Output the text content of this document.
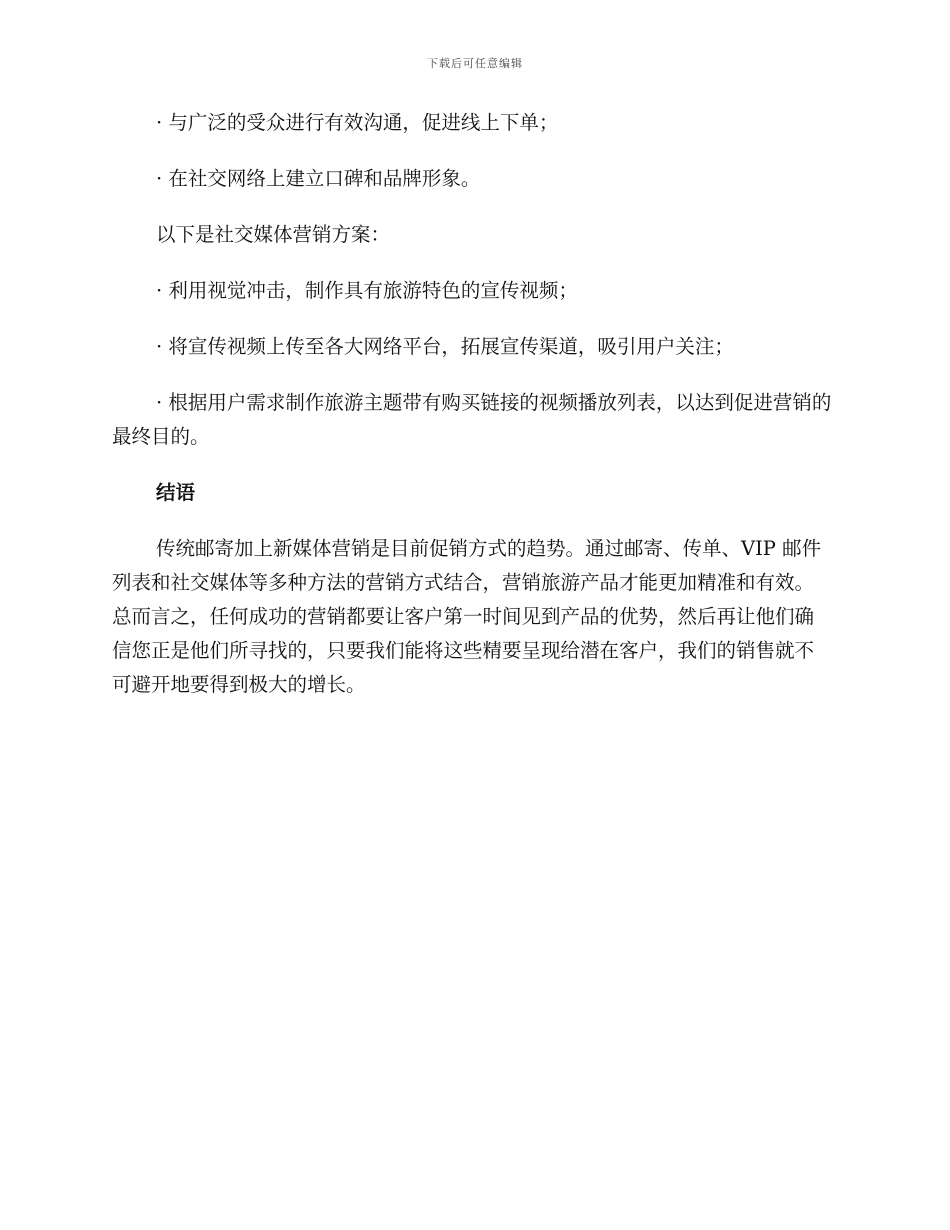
下载后可任意编辑

· 与广泛的受众进行有效沟通，促进线上下单；

· 在社交网络上建立口碑和品牌形象。

以下是社交媒体营销方案：

· 利用视觉冲击，制作具有旅游特色的宣传视频；

· 将宣传视频上传至各大网络平台，拓展宣传渠道，吸引用户关注；

· 根据用户需求制作旅游主题带有购买链接的视频播放列表，以达到促进营销的最终目的。

结语

传统邮寄加上新媒体营销是目前促销方式的趋势。通过邮寄、传单、VIP 邮件列表和社交媒体等多种方法的营销方式结合，营销旅游产品才能更加精准和有效。总而言之，任何成功的营销都要让客户第一时间见到产品的优势，然后再让他们确信您正是他们所寻找的，只要我们能将这些精要呈现给潜在客户，我们的销售就不可避开地要得到极大的增长。
